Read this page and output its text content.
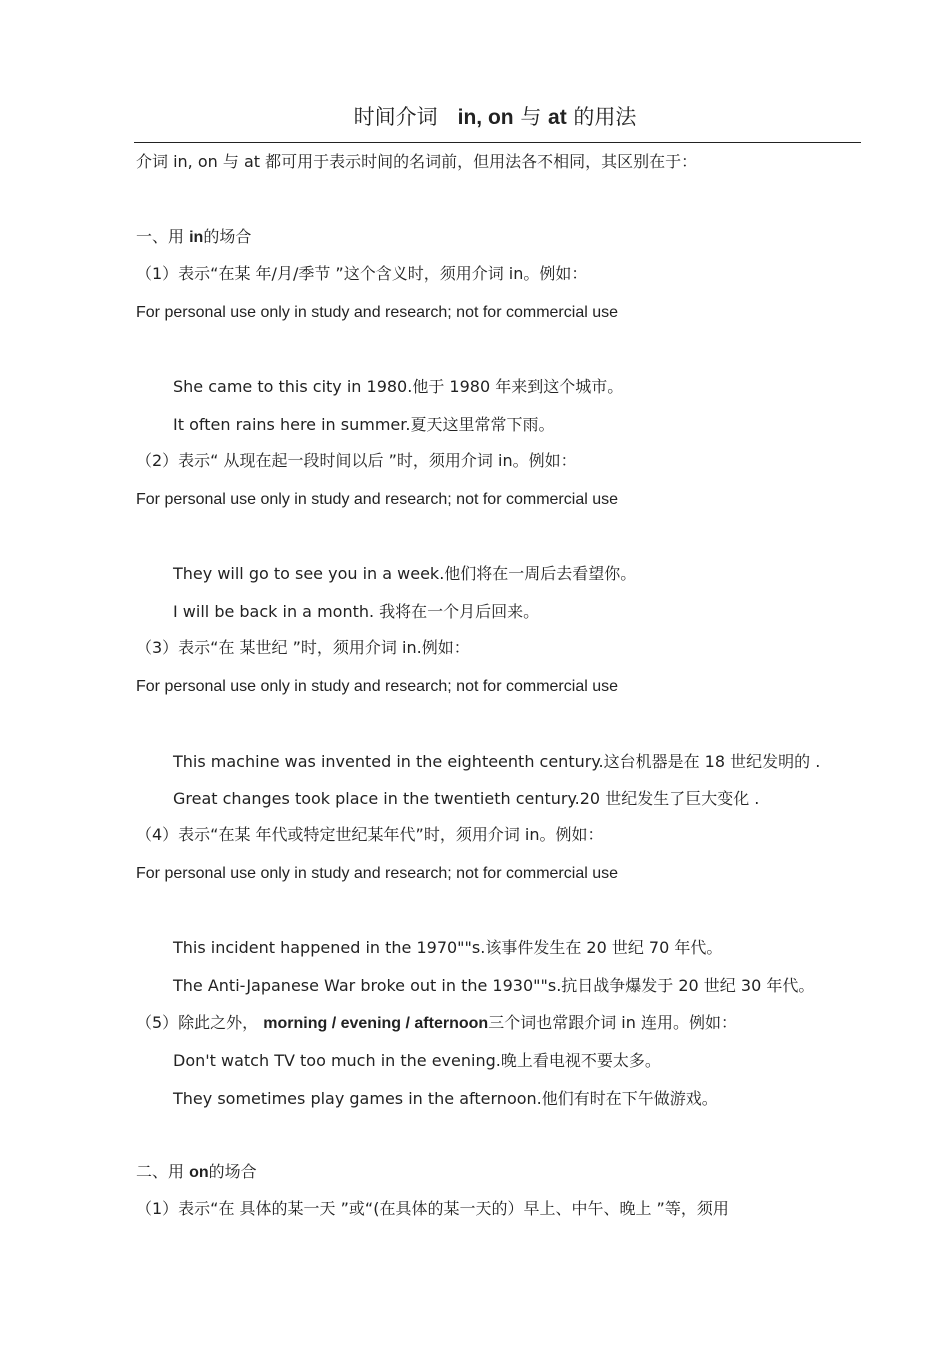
时间介词 in, on 与 at 的用法

介词 in, on 与 at 都可用于表示时间的名词前，但用法各不相同，其区别在于：

一、用 in的场合

（1）表示“在某 年/月/季节 ”这个含义时，须用介词 in。例如：

For personal use only in study and research; not for commercial use

She came to this city in 1980.他于 1980 年来到这个城市。

It often rains here in summer.夏天这里常常下雨。

（2）表示“ 从现在起一段时间以后 ”时，须用介词 in。例如：

For personal use only in study and research; not for commercial use

They will go to see you in a week.他们将在一周后去看望你。

I will be back in a month. 我将在一个月后回来。

（3）表示“在 某世纪 ”时，须用介词 in.例如：

For personal use only in study and research; not for commercial use

This machine was invented in the eighteenth century.这台机器是在 18 世纪发明的 .

Great changes took place in the twentieth century.20 世纪发生了巨大变化 .

（4）表示“在某 年代或特定世纪某年代”时，须用介词 in。例如：

For personal use only in study and research; not for commercial use

This incident happened in the 1970""s.该事件发生在 20 世纪 70 年代。

The Anti-Japanese War broke out in the 1930""s.抗日战争爆发于 20 世纪 30 年代。

（5）除此之外， morning / evening / afternoon三个词也常跟介词 in 连用。例如：

Don't watch TV too much in the evening.晚上看电视不要太多。

They sometimes play games in the afternoon.他们有时在下午做游戏。

二、用 on的场合

（1）表示“在 具体的某一天 ”或“(在具体的某一天的）早上、中午、晚上 ”等，须用
